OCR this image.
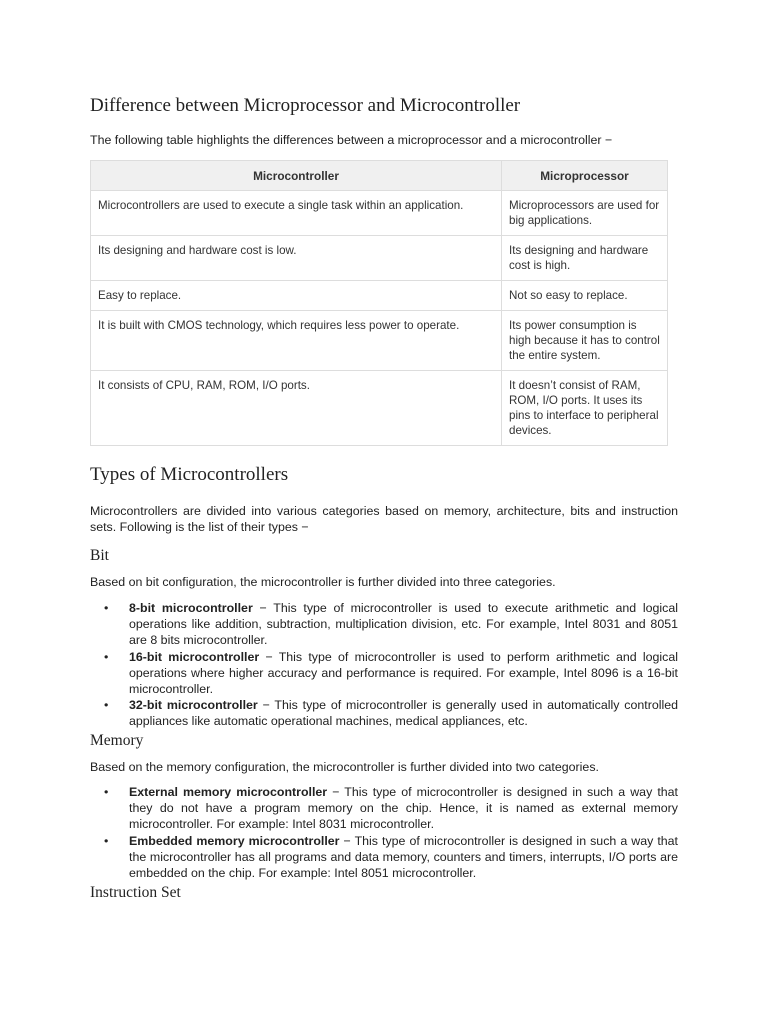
Difference between Microprocessor and Microcontroller
The following table highlights the differences between a microprocessor and a microcontroller −
Microcontroller	Microprocessor
Microcontrollers are used to execute a single task within an application.	Microprocessors are used for big applications.
Its designing and hardware cost is low.	Its designing and hardware cost is high.
Easy to replace.	Not so easy to replace.
It is built with CMOS technology, which requires less power to operate.	Its power consumption is high because it has to control the entire system.
It consists of CPU, RAM, ROM, I/O ports.	It doesn’t consist of RAM, ROM, I/O ports. It uses its pins to interface to peripheral devices.
Types of Microcontrollers
Microcontrollers are divided into various categories based on memory, architecture, bits and instruction sets. Following is the list of their types −
Bit
Based on bit configuration, the microcontroller is further divided into three categories.
• 8-bit microcontroller − This type of microcontroller is used to execute arithmetic and logical operations like addition, subtraction, multiplication division, etc. For example, Intel 8031 and 8051 are 8 bits microcontroller.
• 16-bit microcontroller − This type of microcontroller is used to perform arithmetic and logical operations where higher accuracy and performance is required. For example, Intel 8096 is a 16-bit microcontroller.
• 32-bit microcontroller − This type of microcontroller is generally used in automatically controlled appliances like automatic operational machines, medical appliances, etc.
Memory
Based on the memory configuration, the microcontroller is further divided into two categories.
• External memory microcontroller − This type of microcontroller is designed in such a way that they do not have a program memory on the chip. Hence, it is named as external memory microcontroller. For example: Intel 8031 microcontroller.
• Embedded memory microcontroller − This type of microcontroller is designed in such a way that the microcontroller has all programs and data memory, counters and timers, interrupts, I/O ports are embedded on the chip. For example: Intel 8051 microcontroller.
Instruction Set
